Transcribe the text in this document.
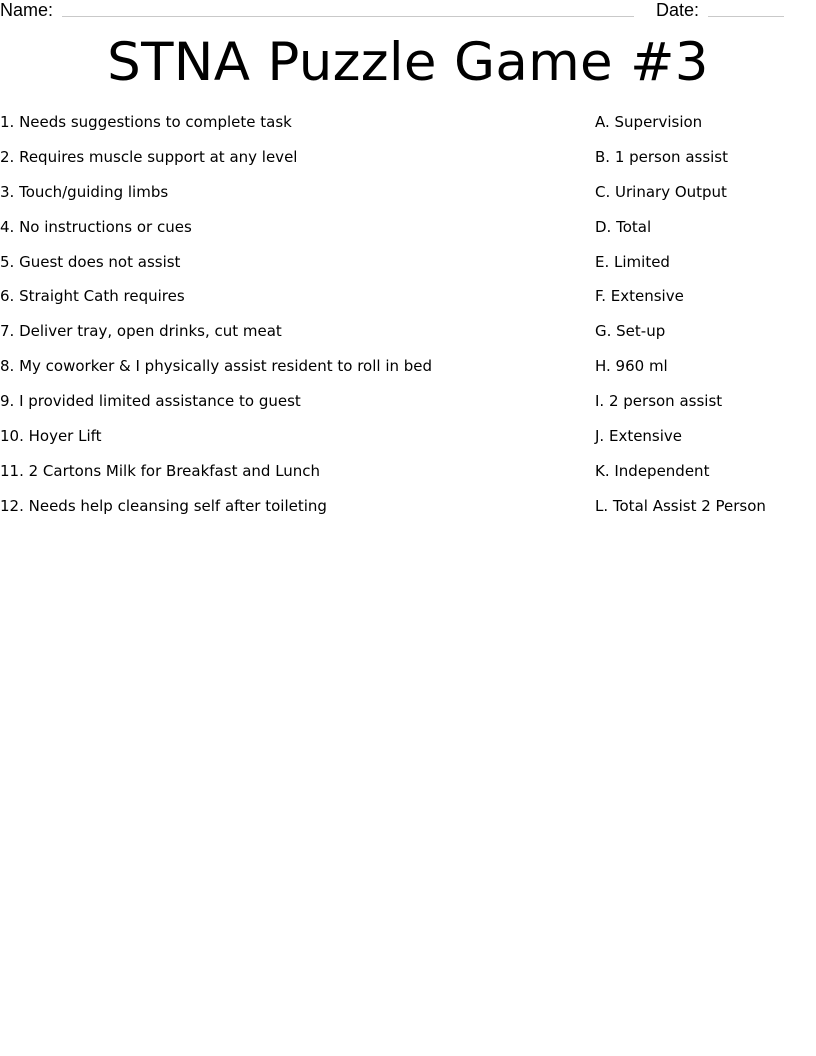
Name:	Date:
STNA Puzzle Game #3
1. Needs suggestions to complete task
2. Requires muscle support at any level
3. Touch/guiding limbs
4. No instructions or cues
5. Guest does not assist
6. Straight Cath requires
7. Deliver tray, open drinks, cut meat
8. My coworker & I physically assist resident to roll in bed
9. I provided limited assistance to guest
10. Hoyer Lift
11. 2 Cartons Milk for Breakfast and Lunch
12. Needs help cleansing self after toileting
A. Supervision
B. 1 person assist
C. Urinary Output
D. Total
E. Limited
F. Extensive
G. Set-up
H. 960 ml
I. 2 person assist
J. Extensive
K. Independent
L. Total Assist 2 Person
